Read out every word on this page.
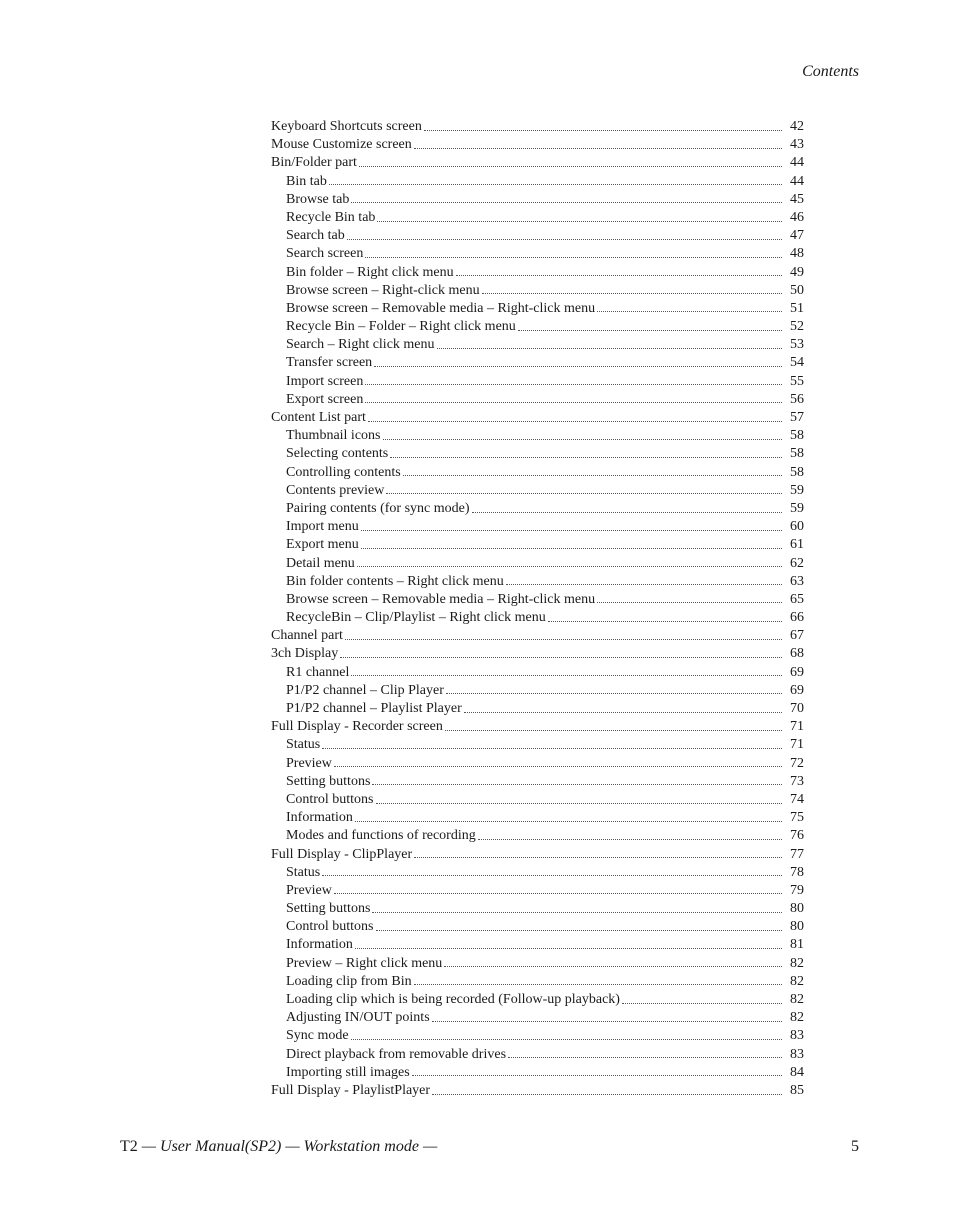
Contents
Keyboard Shortcuts screen	42
Mouse Customize screen	43
Bin/Folder part	44
Bin tab	44
Browse tab	45
Recycle Bin tab	46
Search tab	47
Search screen	48
Bin folder – Right click menu	49
Browse screen – Right-click menu	50
Browse screen – Removable media – Right-click menu	51
Recycle Bin – Folder – Right click menu	52
Search – Right click menu	53
Transfer screen	54
Import screen	55
Export screen	56
Content List part	57
Thumbnail icons	58
Selecting contents	58
Controlling contents	58
Contents preview	59
Pairing contents (for sync mode)	59
Import menu	60
Export menu	61
Detail menu	62
Bin folder contents – Right click menu	63
Browse screen – Removable media – Right-click menu	65
RecycleBin – Clip/Playlist – Right click menu	66
Channel part	67
3ch Display	68
R1 channel	69
P1/P2 channel – Clip Player	69
P1/P2 channel – Playlist Player	70
Full Display - Recorder screen	71
Status	71
Preview	72
Setting buttons	73
Control buttons	74
Information	75
Modes and functions of recording	76
Full Display - ClipPlayer	77
Status	78
Preview	79
Setting buttons	80
Control buttons	80
Information	81
Preview – Right click menu	82
Loading clip from Bin	82
Loading clip which is being recorded (Follow-up playback)	82
Adjusting IN/OUT points	82
Sync mode	83
Direct playback from removable drives	83
Importing still images	84
Full Display - PlaylistPlayer	85
T2 — User Manual(SP2) — Workstation mode —	5
